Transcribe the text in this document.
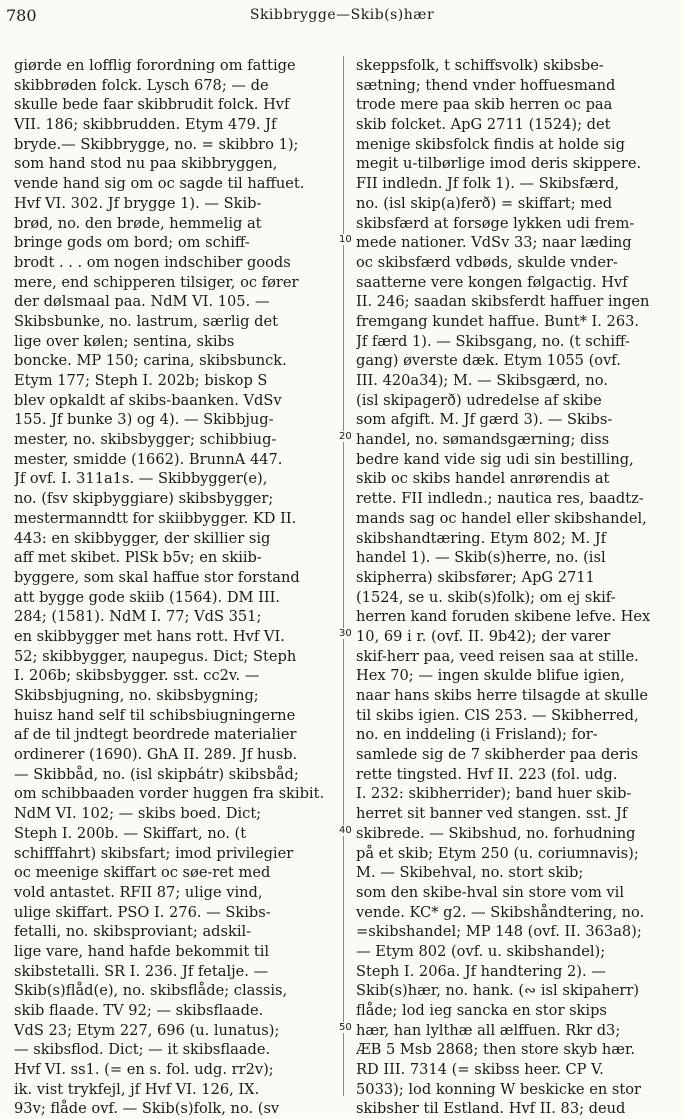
780	Skibbrygge—Skib(s)hær
giørde en lofflig forordning om fattige
skibbrøden folck. Lysch 678; — de
skulle bede faar skibbrudit folck. Hvf
VII. 186; skibbrudden. Etym 479. Jf
bryde.— Skibbrygge, no. = skibbro 1);
som hand stod nu paa skibbryggen,
vende hand sig om oc sagde til haffuet.
Hvf VI. 302. Jf brygge 1). — Skib-
brød, no. den brøde, hemmelig at
bringe gods om bord; om schiff-
brodt . . . om nogen indschiber goods
mere, end schipperen tilsiger, oc fører
der dølsmaal paa. NdM VI. 105. —
Skibsbunke, no. lastrum, særlig det
lige over kølen; sentina, skibs
boncke. MP 150; carina, skibsbunck.
Etym 177; Steph I. 202b; biskop S
blev opkaldt af skibs-baanken. VdSv
155. Jf bunke 3) og 4). — Skibbjug-
mester, no. skibsbygger; schibbiug-
mester, smidde (1662). BrunnA 447.
Jf ovf. I. 311a1s. — Skibbygger(e),
no. (fsv skipbyggiare) skibsbygger;
mestermanndtt for skiibbygger. KD II.
443: en skibbygger, der skillier sig
aff met skibet. PlSk b5v; en skiib-
byggere, som skal haffue stor forstand
att bygge gode skiib (1564). DM III.
284; (1581). NdM I. 77; VdS 351;
en skibbygger met hans rott. Hvf VI.
52; skibbygger, naupegus. Dict; Steph
I. 206b; skibsbygger. sst. cc2v. —
Skibsbjugning, no. skibsbygning;
huisz hand self til schibsbiugningerne
af de til jndtegt beordrede materialier
ordinerer (1690). GhA II. 289. Jf husb.
— Skibbåd, no. (isl skipbátr) skibsbåd;
om schibbaaden vorder huggen fra skibit.
NdM VI. 102; — skibs boed. Dict;
Steph I. 200b. — Skiffart, no. (t
schifffahrt) skibsfart; imod privilegier
oc meenige skiffart oc søe-ret med
vold antastet. RFII 87; ulige vind,
ulige skiffart. PSO I. 276. — Skibs-
fetalli, no. skibsproviant; adskil-
lige vare, hand hafde bekommit til
skibstetalli. SR I. 236. Jf fetalje. —
Skib(s)flåd(e), no. skibsflåde; classis,
skib flaade. TV 92; — skibsflaade.
VdS 23; Etym 227, 696 (u. lunatus);
— skibsflod. Dict; — it skibsflaade.
Hvf VI. ss1. (= en s. fol. udg. rr2v);
ik. vist trykfejl, jf Hvf VI. 126, IX.
93v; flåde ovf. — Skib(s)folk, no. (sv
skeppsfolk, t schiffsvolk) skibsbe-
sætning; thend vnder hoffuesmand
trode mere paa skib herren oc paa
skib folcket. ApG 2711 (1524); det
menige skibsfolck findis at holde sig
megit u-tilbørlige imod deris skippere.
FII indledn. Jf folk 1). — Skibsfærd,
no. (isl skip(a)ferð) = skiffart; med
skibsfærd at forsøge lykken udi frem-
mede nationer. VdSv 33; naar læding
oc skibsfærd vdbøds, skulde vnder-
saatterne vere kongen følgactig. Hvf
II. 246; saadan skibsferdt haffuer ingen
fremgang kundet haffue. Bunt* I. 263.
Jf færd 1). — Skibsgang, no. (t schiff-
gang) øverste dæk. Etym 1055 (ovf.
III. 420a34); M. — Skibsgærd, no.
(isl skipagerð) udredelse af skibe
som afgift. M. Jf gærd 3). — Skibs-
handel, no. sømandsgærning; diss
bedre kand vide sig udi sin bestilling,
skib oc skibs handel anrørendis at
rette. FII indledn.; nautica res, baadtz-
mands sag oc handel eller skibshandel,
skibshandtæring. Etym 802; M. Jf
handel 1). — Skib(s)herre, no. (isl
skipherra) skibsfører; ApG 2711
(1524, se u. skib(s)folk); om ej skif-
herren kand foruden skibene lefve. Hex
10, 69 i r. (ovf. II. 9b42); der varer
skif-herr paa, veed reisen saa at stille.
Hex 70; — ingen skulde blifue igien,
naar hans skibs herre tilsagde at skulle
til skibs igien. ClS 253. — Skibherred,
no. en inddeling (i Frisland); for-
samlede sig de 7 skibherder paa deris
rette tingsted. Hvf II. 223 (fol. udg.
I. 232: skibherrider); band huer skib-
herret sit banner ved stangen. sst. Jf
skibrede. — Skibshud, no. forhudning
på et skib; Etym 250 (u. coriumnavis);
M. — Skibehval, no. stort skib;
som den skibe-hval sin store vom vil
vende. KC* g2. — Skibshåndtering, no.
=skibshandel; MP 148 (ovf. II. 363a8);
— Etym 802 (ovf. u. skibshandel);
Steph I. 206a. Jf handtering 2). —
Skib(s)hær, no. hank. (∾ isl skipaherr)
flåde; lod ieg sancka en stor skips
hær, han lylthæ all ælffuen. Rkr d3;
ÆB 5 Msb 2868; then store skyb hær.
RD III. 7314 (= skibss heer. CP V.
5033); lod konning W beskicke en stor
skibsher til Estland. Hvf II. 83; deud
10
20
30
40
50
